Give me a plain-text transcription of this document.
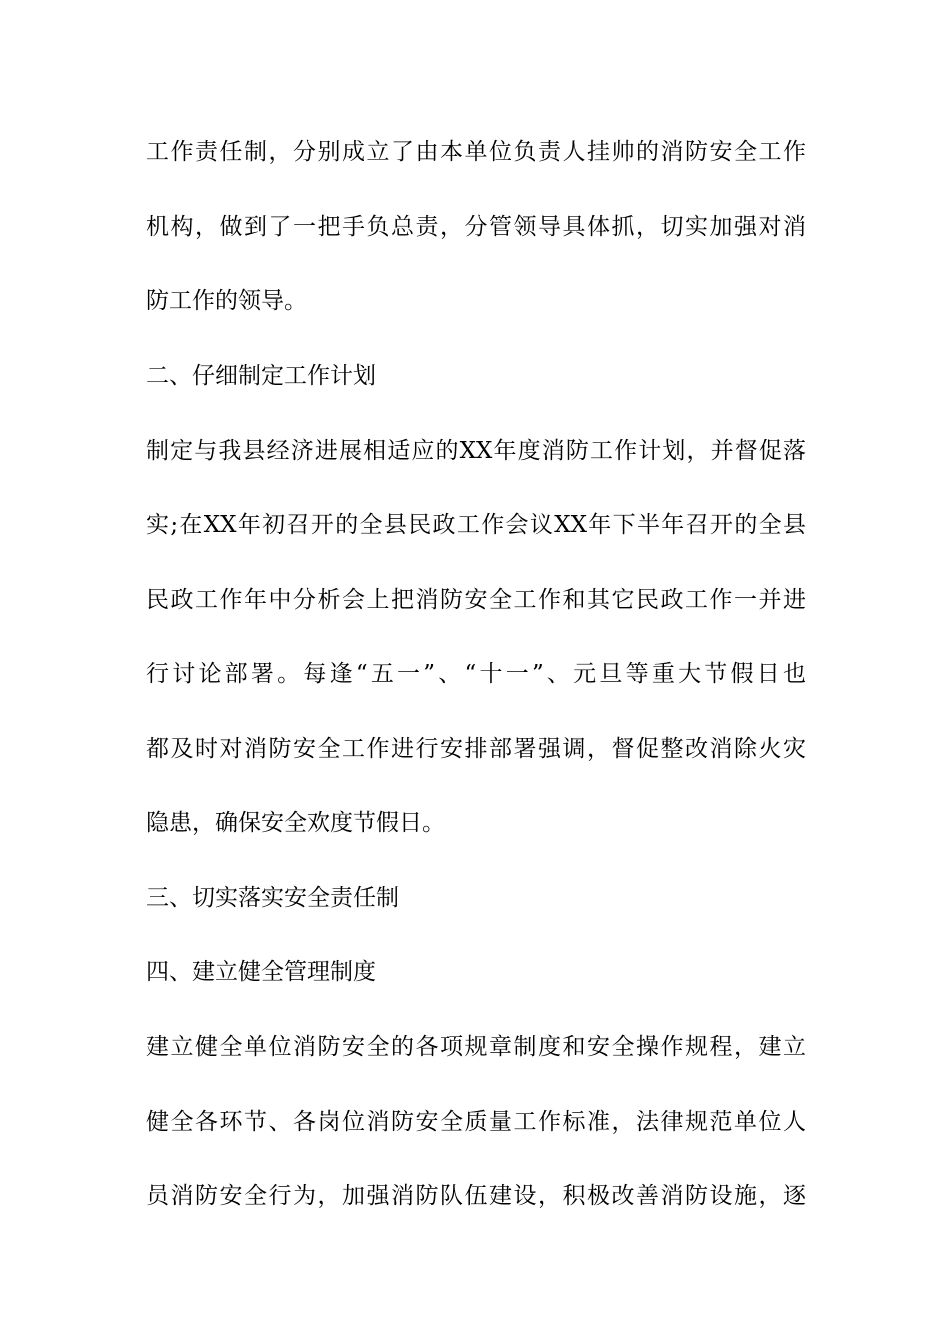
工作责任制，分别成立了由本单位负责人挂帅的消防安全工作
机构，做到了一把手负总责，分管领导具体抓，切实加强对消
防工作的领导。
二、仔细制定工作计划
制定与我县经济进展相适应的XX年度消防工作计划，并督促落
实;在XX年初召开的全县民政工作会议XX年下半年召开的全县
民政工作年中分析会上把消防安全工作和其它民政工作一并进
行讨论部署。每逢“五一”、“十一”、元旦等重大节假日也
都及时对消防安全工作进行安排部署强调，督促整改消除火灾
隐患，确保安全欢度节假日。
三、切实落实安全责任制
四、建立健全管理制度
建立健全单位消防安全的各项规章制度和安全操作规程，建立
健全各环节、各岗位消防安全质量工作标准，法律规范单位人
员消防安全行为，加强消防队伍建设，积极改善消防设施，逐
